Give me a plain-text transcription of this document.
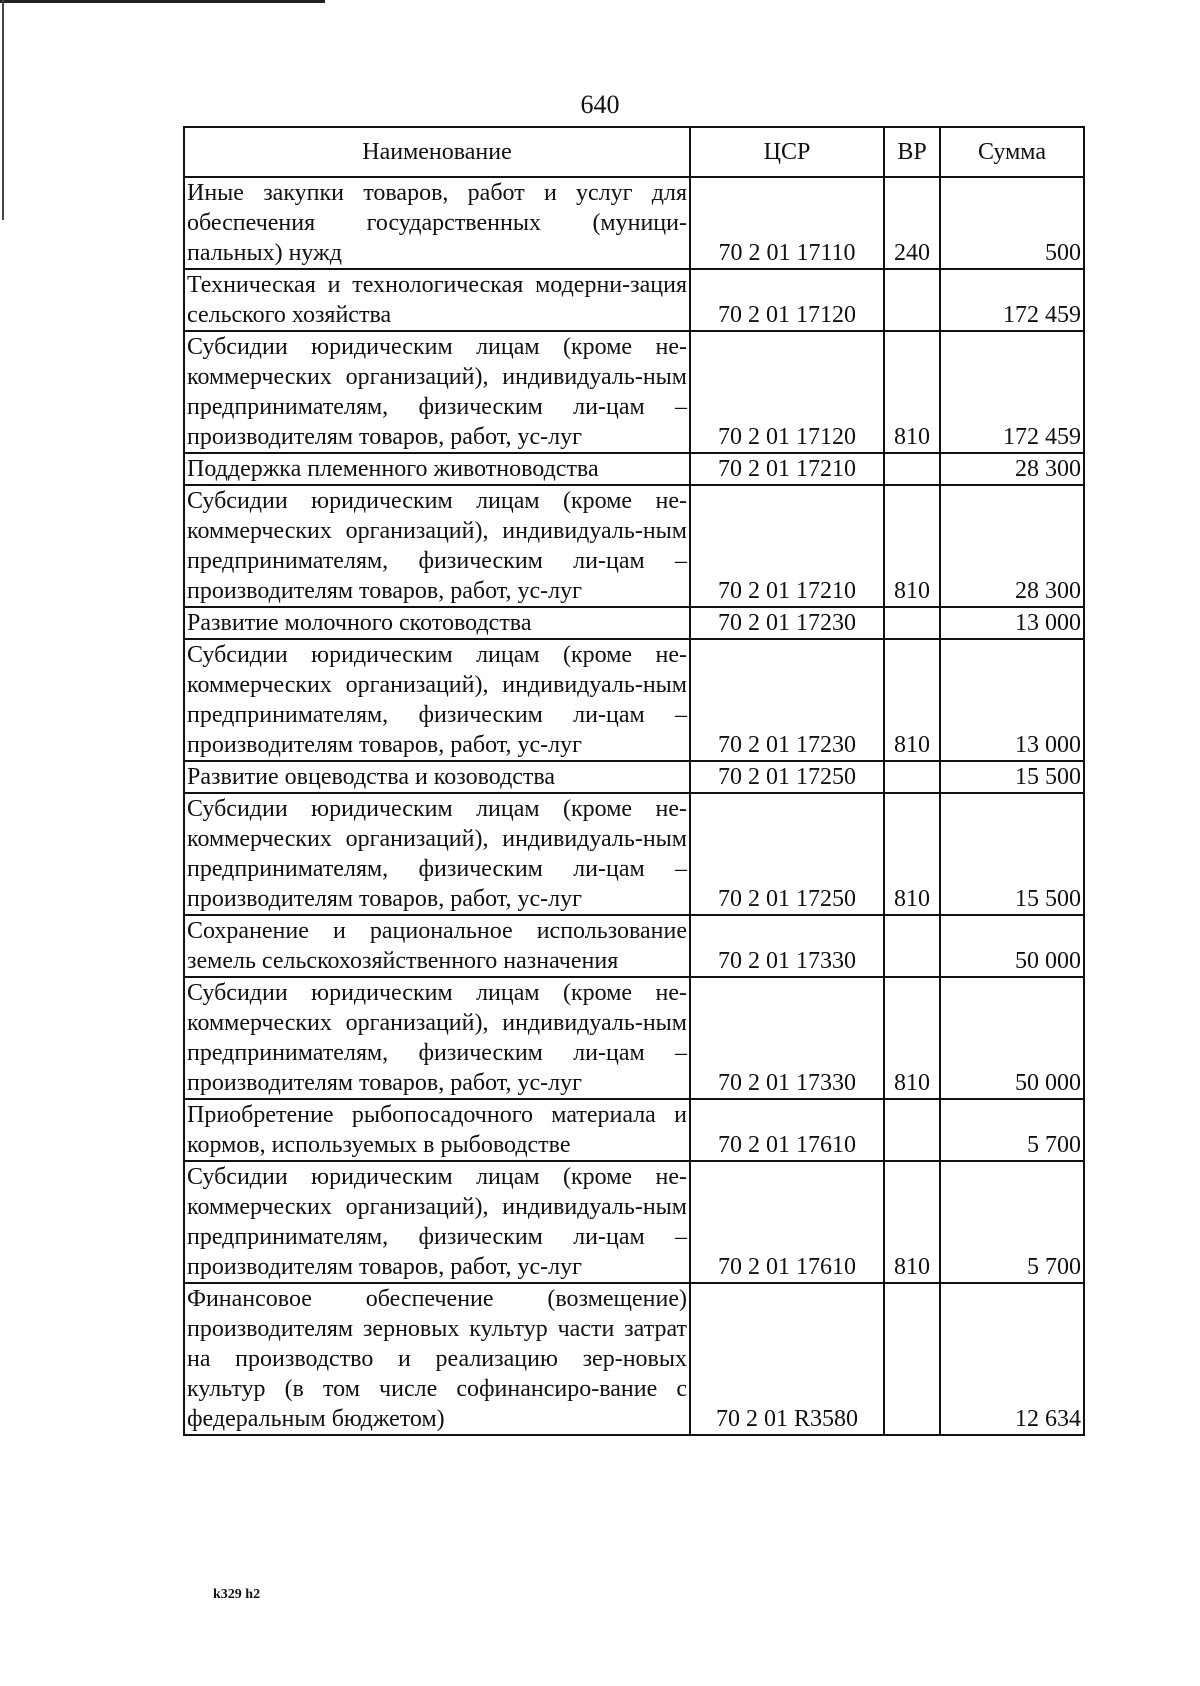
640
Наименование	ЦСР	ВР	Сумма
Иные закупки товаров, работ и услуг для обеспечения государственных (муници-пальных) нужд	70 2 01 17110	240	500
Техническая и технологическая модерни-зация сельского хозяйства	70 2 01 17120		172 459
Субсидии юридическим лицам (кроме не-коммерческих организаций), индивидуаль-ным предпринимателям, физическим ли-цам – производителям товаров, работ, ус-луг	70 2 01 17120	810	172 459
Поддержка племенного животноводства	70 2 01 17210		28 300
Субсидии юридическим лицам (кроме не-коммерческих организаций), индивидуаль-ным предпринимателям, физическим ли-цам – производителям товаров, работ, ус-луг	70 2 01 17210	810	28 300
Развитие молочного скотоводства	70 2 01 17230		13 000
Субсидии юридическим лицам (кроме не-коммерческих организаций), индивидуаль-ным предпринимателям, физическим ли-цам – производителям товаров, работ, ус-луг	70 2 01 17230	810	13 000
Развитие овцеводства и козоводства	70 2 01 17250		15 500
Субсидии юридическим лицам (кроме не-коммерческих организаций), индивидуаль-ным предпринимателям, физическим ли-цам – производителям товаров, работ, ус-луг	70 2 01 17250	810	15 500
Сохранение и рациональное использование земель сельскохозяйственного назначения	70 2 01 17330		50 000
Субсидии юридическим лицам (кроме не-коммерческих организаций), индивидуаль-ным предпринимателям, физическим ли-цам – производителям товаров, работ, ус-луг	70 2 01 17330	810	50 000
Приобретение рыбопосадочного материала и кормов, используемых в рыбоводстве	70 2 01 17610		5 700
Субсидии юридическим лицам (кроме не-коммерческих организаций), индивидуаль-ным предпринимателям, физическим ли-цам – производителям товаров, работ, ус-луг	70 2 01 17610	810	5 700
Финансовое обеспечение (возмещение) производителям зерновых культур части затрат на производство и реализацию зер-новых культур (в том числе софинансиро-вание с федеральным бюджетом)	70 2 01 R3580		12 634
k329 h2
